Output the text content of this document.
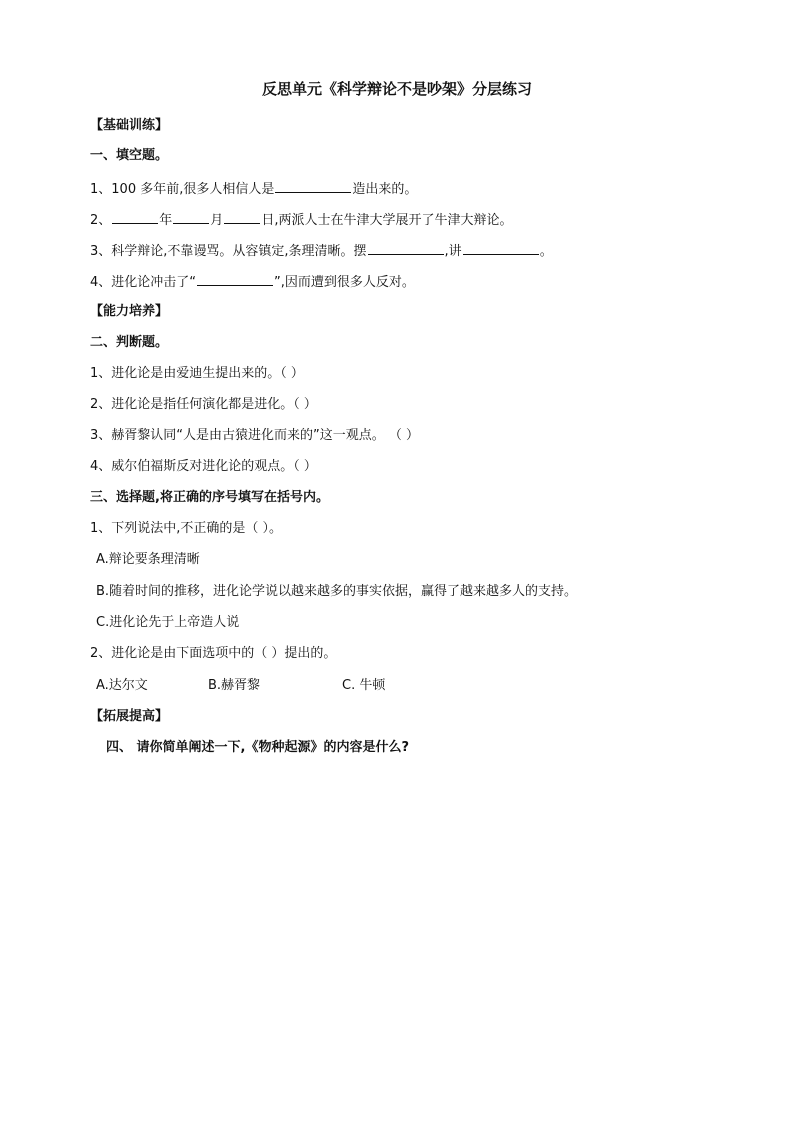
反思单元《科学辩论不是吵架》分层练习
【基础训练】
一、填空题。
1、100 多年前,很多人相信人是	造出来的。
2、	年	月	日,两派人士在牛津大学展开了牛津大辩论。
3、科学辩论,不靠谩骂。从容镇定,条理清晰。摆	,讲	。
4、进化论冲击了“	”,因而遭到很多人反对。
【能力培养】
二、判断题。
1、进化论是由爱迪生提出来的。（ ）
2、进化论是指任何演化都是进化。（ ）
3、赫胥黎认同“人是由古猿进化而来的”这一观点。 （ ）
4、威尔伯福斯反对进化论的观点。（ ）
三、选择题,将正确的序号填写在括号内。
1、下列说法中,不正确的是（ ）。
A.辩论要条理清晰
B.随着时间的推移，进化论学说以越来越多的事实依据，赢得了越来越多人的支持。
C.进化论先于上帝造人说
2、进化论是由下面选项中的（ ）提出的。
A.达尔文	B.赫胥黎	C. 牛顿
【拓展提高】
四、 请你简单阐述一下,《物种起源》的内容是什么?
